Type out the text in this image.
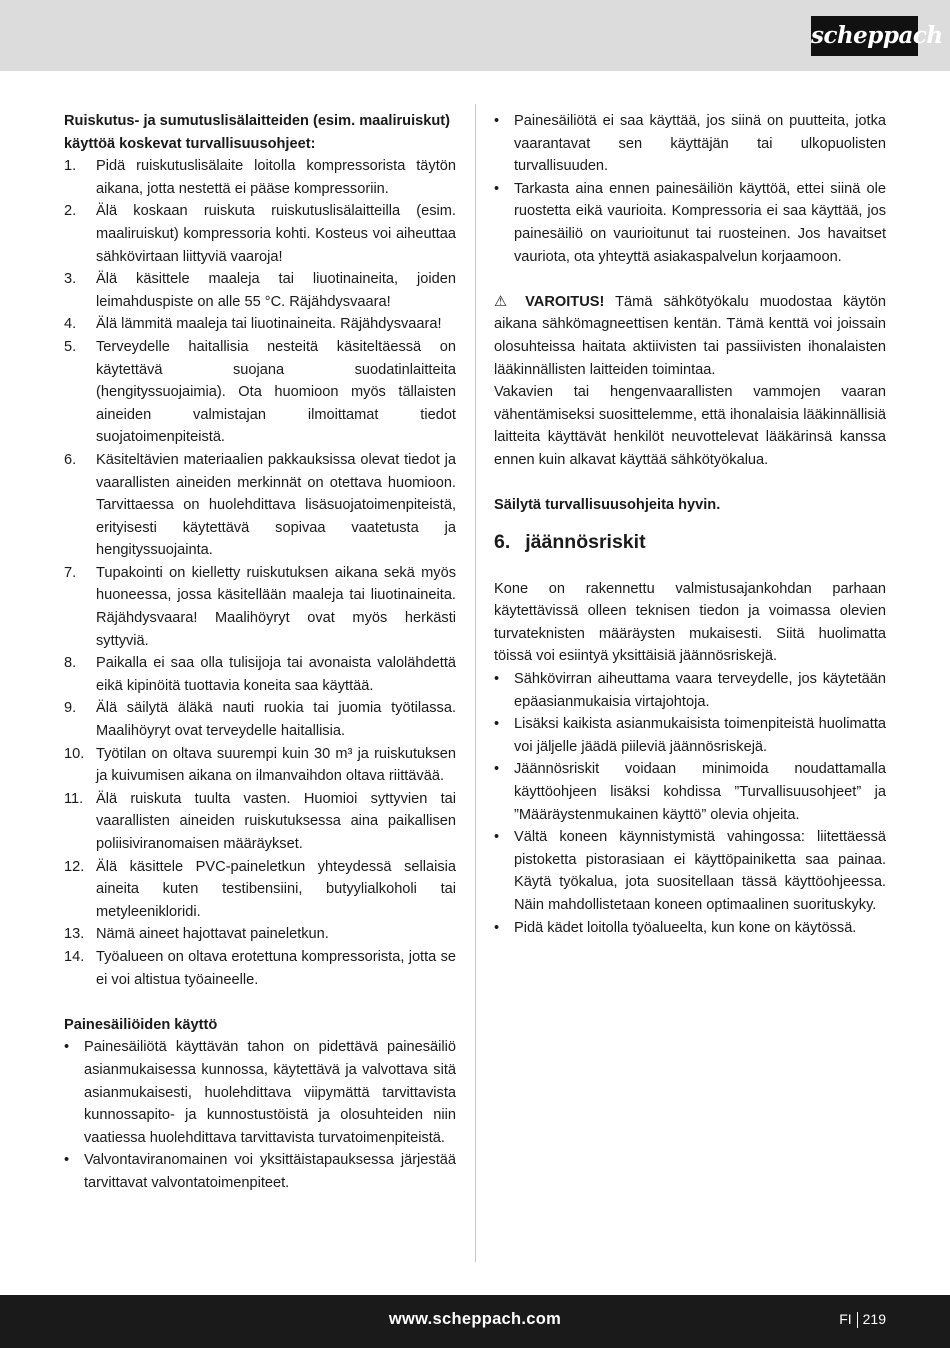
scheppach

Ruiskutus- ja sumutuslisälaitteiden (esim. maaliruiskut) käyttöä koskevat turvallisuusohjeet:

1. Pidä ruiskutuslisälaite loitolla kompressorista täytön aikana, jotta nestettä ei pääse kompressoriin.
2. Älä koskaan ruiskuta ruiskutuslisälaitteilla (esim. maaliruiskut) kompressoria kohti. Kosteus voi aiheuttaa sähkövirtaan liittyviä vaaroja!
3. Älä käsittele maaleja tai liuotinaineita, joiden leimahduspiste on alle 55 °C. Räjähdysvaara!
4. Älä lämmitä maaleja tai liuotinaineita. Räjähdysvaara!
5. Terveydelle haitallisia nesteitä käsiteltäessä on käytettävä suojana suodatinlaitteita (hengityssuojaimia). Ota huomioon myös tällaisten aineiden valmistajan ilmoittamat tiedot suojatoimenpiteistä.
6. Käsiteltävien materiaalien pakkauksissa olevat tiedot ja vaarallisten aineiden merkinnät on otettava huomioon. Tarvittaessa on huolehdittava lisäsuojatoimenpiteistä, erityisesti käytettävä sopivaa vaatetusta ja hengityssuojainta.
7. Tupakointi on kielletty ruiskutuksen aikana sekä myös huoneessa, jossa käsitellään maaleja tai liuotinaineita. Räjähdysvaara! Maalihöyryt ovat myös herkästi syttyviä.
8. Paikalla ei saa olla tulisijoja tai avonaista valolähdettä eikä kipinöitä tuottavia koneita saa käyttää.
9. Älä säilytä äläkä nauti ruokia tai juomia työtilassa. Maalihöyryt ovat terveydelle haitallisia.
10. Työtilan on oltava suurempi kuin 30 m³ ja ruiskutuksen ja kuivumisen aikana on ilmanvaihdon oltava riittävää.
11. Älä ruiskuta tuulta vasten. Huomioi syttyvien tai vaarallisten aineiden ruiskutuksessa aina paikallisen poliisiviranomaisen määräykset.
12. Älä käsittele PVC-paineletkun yhteydessä sellaisia aineita kuten testibensiini, butyylialkoholi tai metyleenikloridi.
13. Nämä aineet hajottavat paineletkun.
14. Työalueen on oltava erotettuna kompressorista, jotta se ei voi altistua työaineelle.

Painesäiliöiden käyttö

• Painesäiliötä käyttävän tahon on pidettävä painesäiliö asianmukaisessa kunnossa, käytettävä ja valvottava sitä asianmukaisesti, huolehdittava viipymättä tarvittavista kunnossapito- ja kunnostustöistä ja olosuhteiden niin vaatiessa huolehdittava tarvittavista turvatoimenpiteistä.
• Valvontaviranomainen voi yksittäistapauksessa järjestää tarvittavat valvontatoimenpiteet.
• Painesäiliötä ei saa käyttää, jos siinä on puutteita, jotka vaarantavat sen käyttäjän tai ulkopuolisten turvallisuuden.
• Tarkasta aina ennen painesäiliön käyttöä, ettei siinä ole ruostetta eikä vaurioita. Kompressoria ei saa käyttää, jos painesäiliö on vaurioitunut tai ruosteinen. Jos havaitset vauriota, ota yhteyttä asiakaspalvelun korjaamoon.

⚠ VAROITUS! Tämä sähkötyökalu muodostaa käytön aikana sähkömagneettisen kentän. Tämä kenttä voi joissain olosuhteissa haitata aktiivisten tai passiivisten ihonalaisten lääkinnällisten laitteiden toimintaa.

Vakavien tai hengenvaarallisten vammojen vaaran vähentämiseksi suosittelemme, että ihonalaisia lääkinnällisiä laitteita käyttävät henkilöt neuvottelevat lääkärinsä kanssa ennen kuin alkavat käyttää sähkötyökalua.

Säilytä turvallisuusohjeita hyvin.

6. jäännösriskit

Kone on rakennettu valmistusajankohdan parhaan käytettävissä olleen teknisen tiedon ja voimassa olevien turvateknisten määräysten mukaisesti. Siitä huolimatta töissä voi esiintyä yksittäisiä jäännösriskejä.

• Sähkövirran aiheuttama vaara terveydelle, jos käytetään epäasianmukaisia virtajohtoja.
• Lisäksi kaikista asianmukaisista toimenpiteistä huolimatta voi jäljelle jäädä piileviä jäännösriskejä.
• Jäännösriskit voidaan minimoida noudattamalla käyttöohjeen lisäksi kohdissa ”Turvallisuusohjeet” ja ”Määräystenmukainen käyttö” olevia ohjeita.
• Vältä koneen käynnistymistä vahingossa: liitettäessä pistoketta pistorasiaan ei käyttöpainiketta saa painaa. Käytä työkalua, jota suositellaan tässä käyttöohjeessa. Näin mahdollistetaan koneen optimaalinen suorituskyky.
• Pidä kädet loitolla työalueelta, kun kone on käytössä.
www.scheppach.com	FI 219
